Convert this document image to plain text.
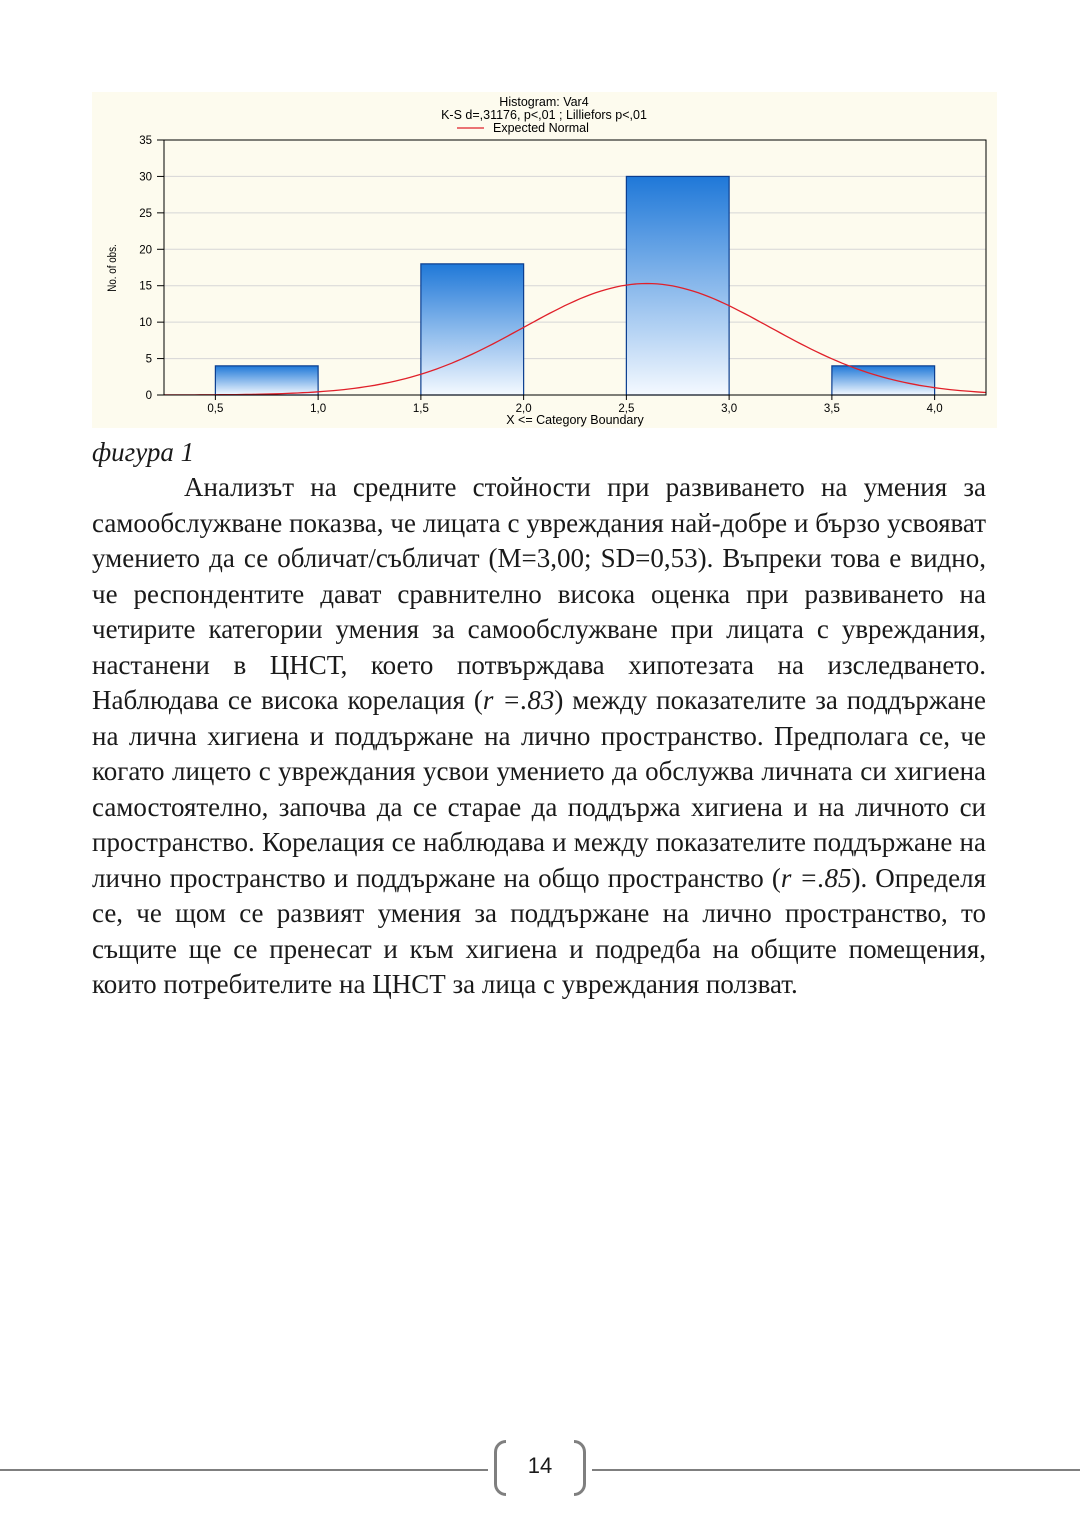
Histogram: Var4
K-S d=,31176, p<,01 ; Lilliefors p<,01
Expected Normal
0
5
10
15
20
25
30
35
0,5	1,0	1,5	2,0	2,5	3,0	3,5	4,0
X <= Category Boundary
No. of obs.

фигура 1

Анализът на средните стойности при развиването на умения за самообслужване показва, че лицата с увреждания най-добре и бързо усвояват умението да се обличат/събличат (М=3,00; SD=0,53). Въпреки това е видно, че респондентите дават сравнително висока оценка при развиването на четирите категории умения за самообслужване при лицата с увреждания, настанени в ЦНСТ, което потвърждава хипотезата на изследването. Наблюдава се висока корелация (r =.83) между показателите за поддържане на лична хигиена и поддържане на лично пространство. Предполага се, че когато лицето с увреждания усвои умението да обслужва личната си хигиена самостоятелно, започва да се старае да поддържа хигиена и на личното си пространство. Корелация се наблюдава и между показателите поддържане на лично пространство и поддържане на общо пространство (r =.85). Определя се, че щом се развият умения за поддържане на лично пространство, то същите ще се пренесат и към хигиена и подредба на общите помещения, които потребителите на ЦНСТ за лица с увреждания ползват.

14
